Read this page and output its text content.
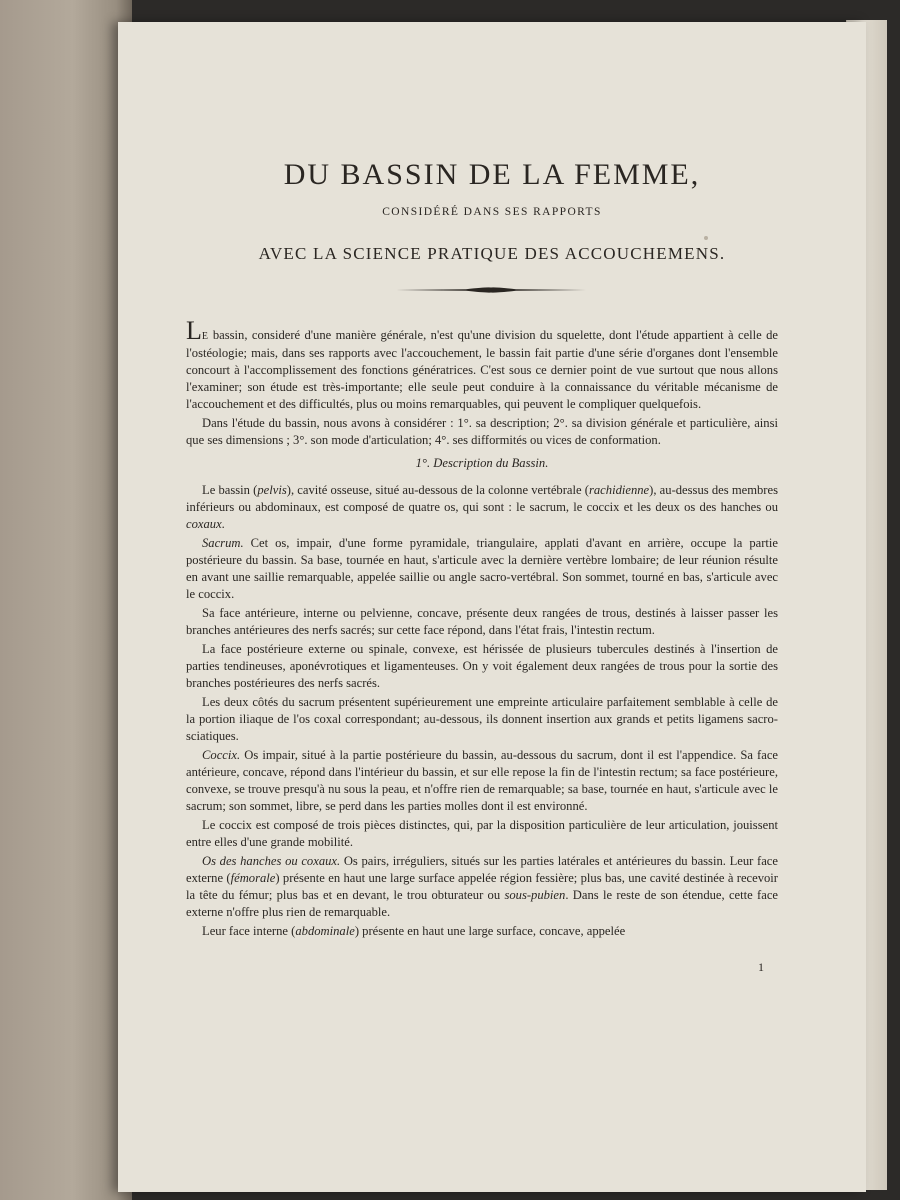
DU BASSIN DE LA FEMME,
CONSIDÉRÉ DANS SES RAPPORTS
AVEC LA SCIENCE PRATIQUE DES ACCOUCHEMENS.

LE bassin, consideré d'une manière générale, n'est qu'une division du squelette, dont l'étude appartient à celle de l'ostéologie; mais, dans ses rapports avec l'accouchement, le bassin fait partie d'une série d'organes dont l'ensemble concourt à l'accomplissement des fonctions génératrices. C'est sous ce dernier point de vue surtout que nous allons l'examiner; son étude est très-importante; elle seule peut conduire à la connaissance du véritable mécanisme de l'accouchement et des difficultés, plus ou moins remarquables, qui peuvent le compliquer quelquefois.

Dans l'étude du bassin, nous avons à considérer : 1°. sa description; 2°. sa division générale et particulière, ainsi que ses dimensions ; 3°. son mode d'articulation; 4°. ses difformités ou vices de conformation.

1°. Description du Bassin.

Le bassin (pelvis), cavité osseuse, situé au-dessous de la colonne vertébrale (rachidienne), au-dessus des membres inférieurs ou abdominaux, est composé de quatre os, qui sont : le sacrum, le coccix et les deux os des hanches ou coxaux.

Sacrum. Cet os, impair, d'une forme pyramidale, triangulaire, applati d'avant en arrière, occupe la partie postérieure du bassin. Sa base, tournée en haut, s'articule avec la dernière vertèbre lombaire; de leur réunion résulte en avant une saillie remarquable, appelée saillie ou angle sacro-vertébral. Son sommet, tourné en bas, s'articule avec le coccix.

Sa face antérieure, interne ou pelvienne, concave, présente deux rangées de trous, destinés à laisser passer les branches antérieures des nerfs sacrés; sur cette face répond, dans l'état frais, l'intestin rectum.

La face postérieure externe ou spinale, convexe, est hérissée de plusieurs tubercules destinés à l'insertion de parties tendineuses, aponévrotiques et ligamenteuses. On y voit également deux rangées de trous pour la sortie des branches postérieures des nerfs sacrés.

Les deux côtés du sacrum présentent supérieurement une empreinte articulaire parfaitement semblable à celle de la portion iliaque de l'os coxal correspondant; au-dessous, ils donnent insertion aux grands et petits ligamens sacro-sciatiques.

Coccix. Os impair, situé à la partie postérieure du bassin, au-dessous du sacrum, dont il est l'appendice. Sa face antérieure, concave, répond dans l'intérieur du bassin, et sur elle repose la fin de l'intestin rectum; sa face postérieure, convexe, se trouve presqu'à nu sous la peau, et n'offre rien de remarquable; sa base, tournée en haut, s'articule avec le sacrum; son sommet, libre, se perd dans les parties molles dont il est environné.

Le coccix est composé de trois pièces distinctes, qui, par la disposition particulière de leur articulation, jouissent entre elles d'une grande mobilité.

Os des hanches ou coxaux. Os pairs, irréguliers, situés sur les parties latérales et antérieures du bassin. Leur face externe (fémorale) présente en haut une large surface appelée région fessière; plus bas, une cavité destinée à recevoir la tête du fémur; plus bas et en devant, le trou obturateur ou sous-pubien. Dans le reste de son étendue, cette face externe n'offre plus rien de remarquable.

Leur face interne (abdominale) présente en haut une large surface, concave, appelée

1
